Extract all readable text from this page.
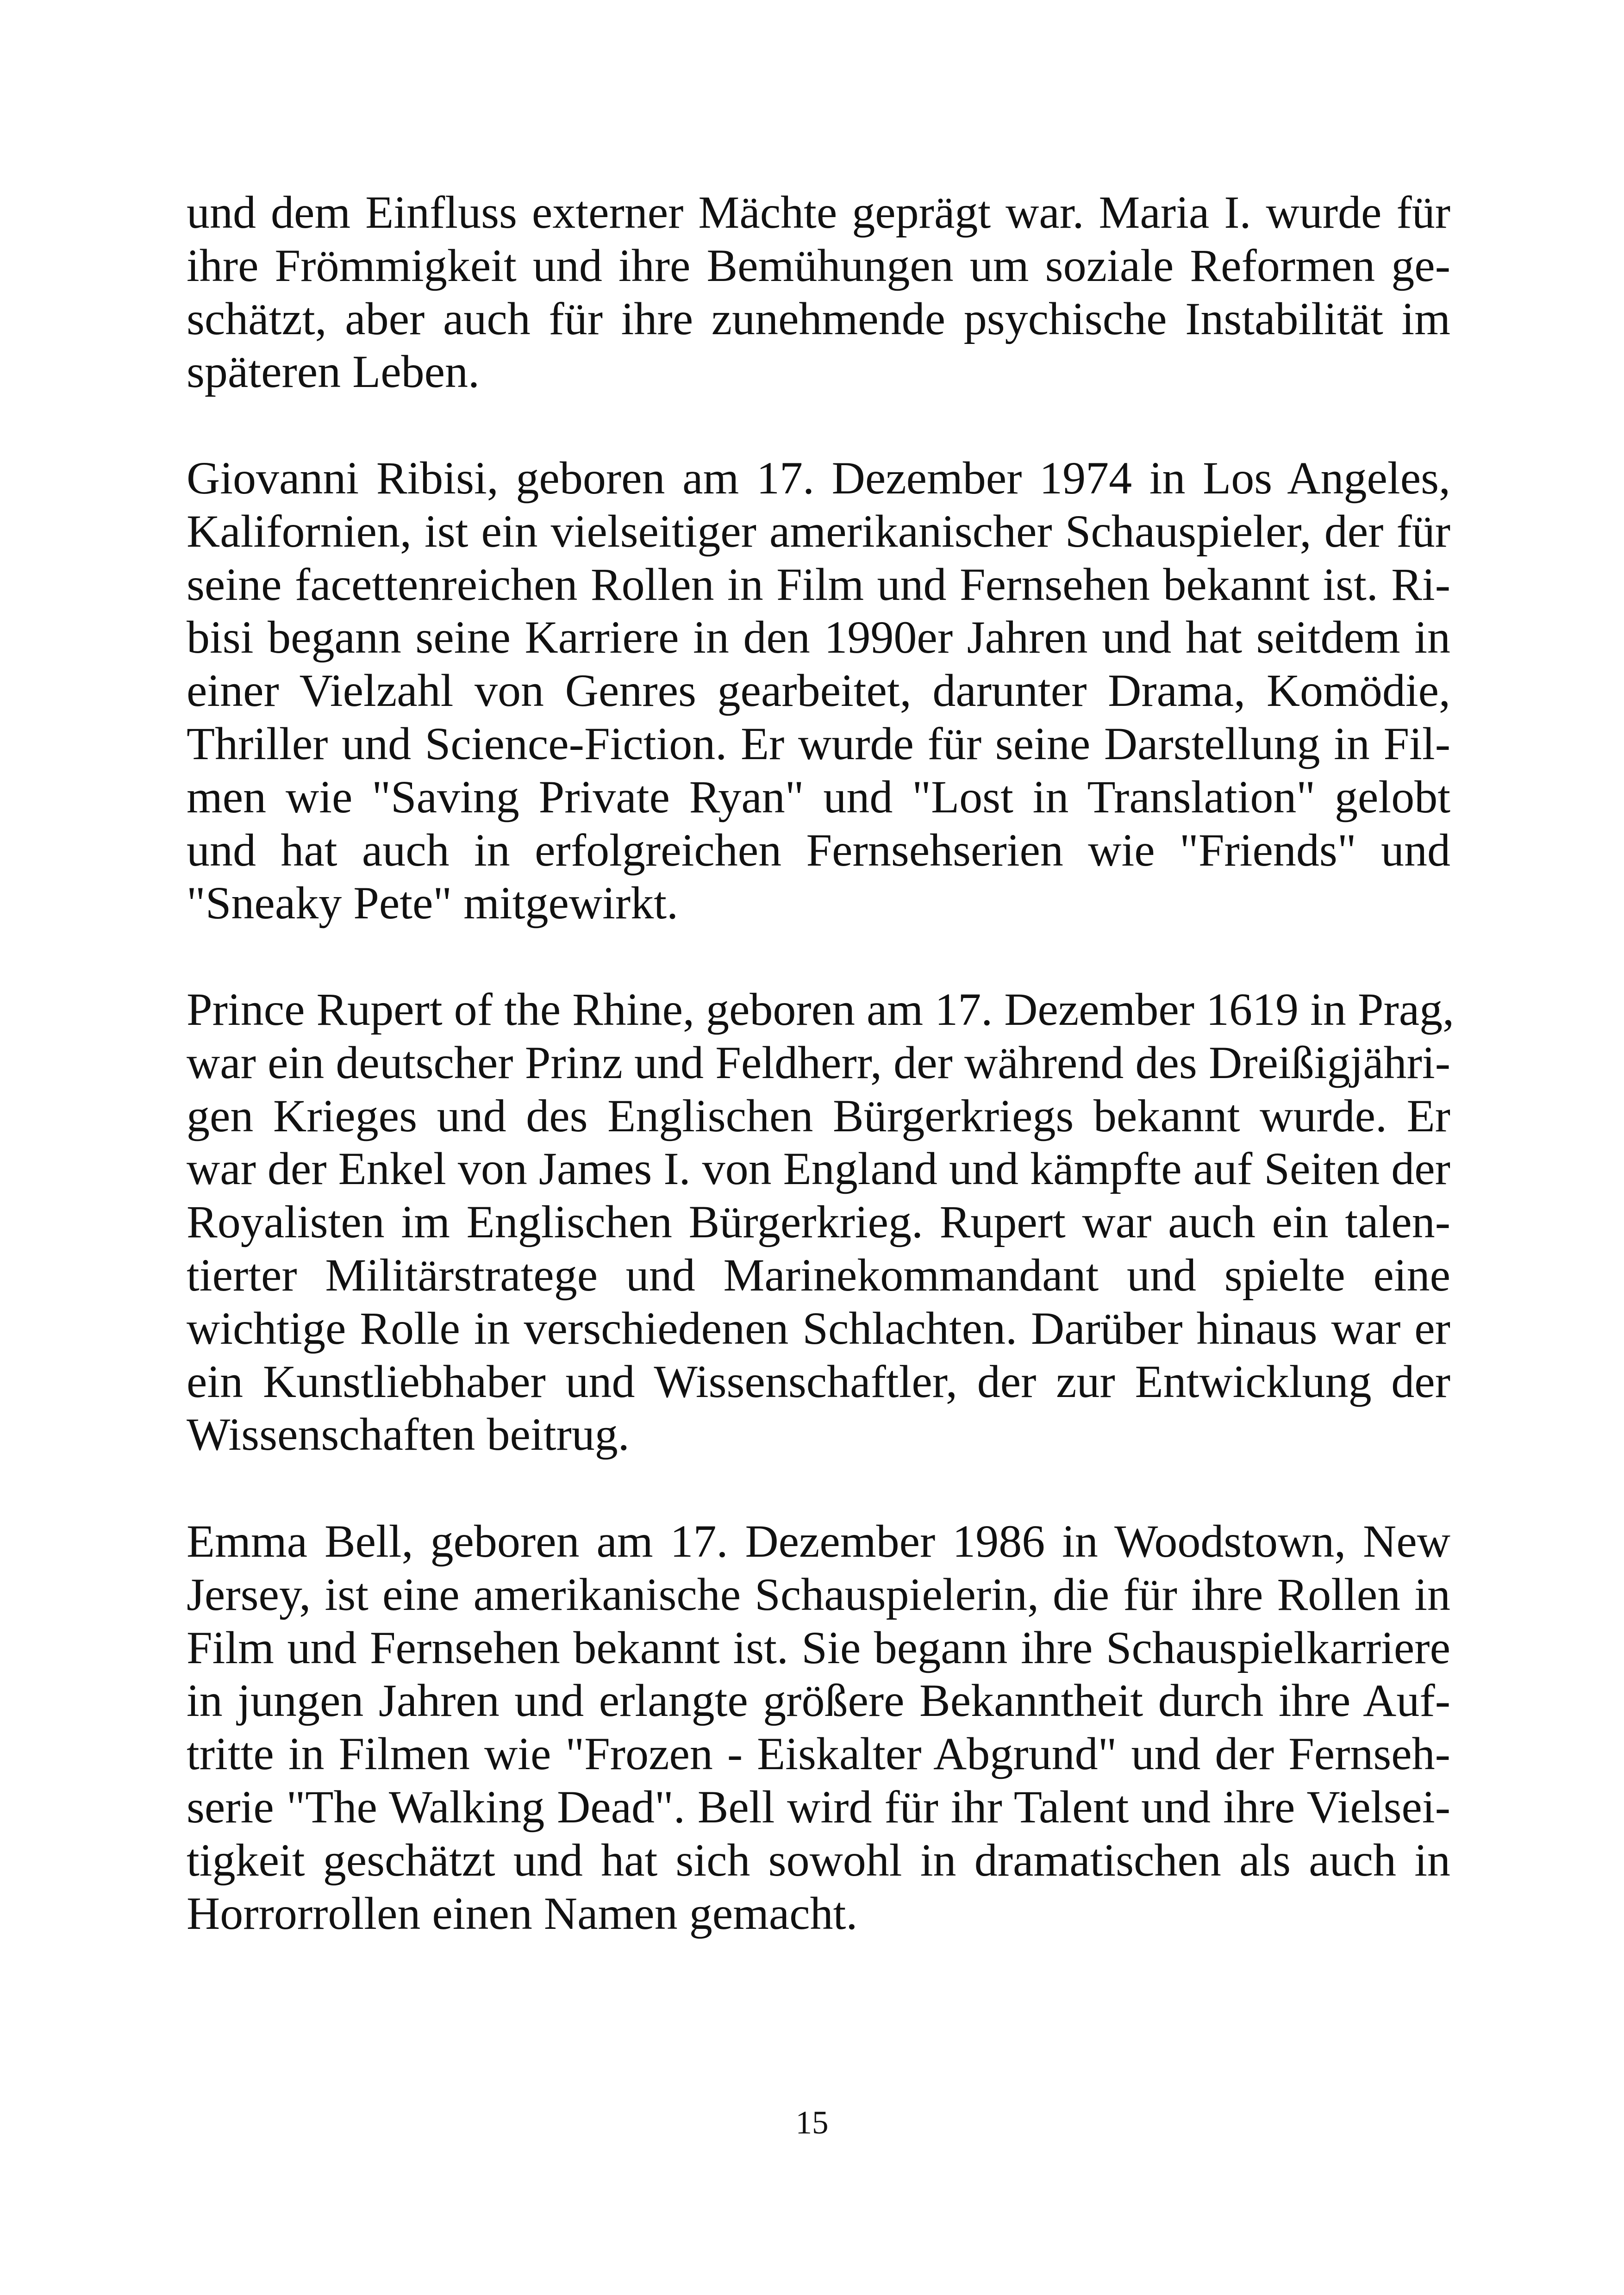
und dem Einfluss externer Mächte geprägt war. Maria I. wurde für
ihre Frömmigkeit und ihre Bemühungen um soziale Reformen ge-
schätzt, aber auch für ihre zunehmende psychische Instabilität im
späteren Leben.
Giovanni Ribisi, geboren am 17. Dezember 1974 in Los Angeles,
Kalifornien, ist ein vielseitiger amerikanischer Schauspieler, der für
seine facettenreichen Rollen in Film und Fernsehen bekannt ist. Ri-
bisi begann seine Karriere in den 1990er Jahren und hat seitdem in
einer Vielzahl von Genres gearbeitet, darunter Drama, Komödie,
Thriller und Science-Fiction. Er wurde für seine Darstellung in Fil-
men wie "Saving Private Ryan" und "Lost in Translation" gelobt
und hat auch in erfolgreichen Fernsehserien wie "Friends" und
"Sneaky Pete" mitgewirkt.
Prince Rupert of the Rhine, geboren am 17. Dezember 1619 in Prag,
war ein deutscher Prinz und Feldherr, der während des Dreißigjähri-
gen Krieges und des Englischen Bürgerkriegs bekannt wurde. Er
war der Enkel von James I. von England und kämpfte auf Seiten der
Royalisten im Englischen Bürgerkrieg. Rupert war auch ein talen-
tierter Militärstratege und Marinekommandant und spielte eine
wichtige Rolle in verschiedenen Schlachten. Darüber hinaus war er
ein Kunstliebhaber und Wissenschaftler, der zur Entwicklung der
Wissenschaften beitrug.
Emma Bell, geboren am 17. Dezember 1986 in Woodstown, New
Jersey, ist eine amerikanische Schauspielerin, die für ihre Rollen in
Film und Fernsehen bekannt ist. Sie begann ihre Schauspielkarriere
in jungen Jahren und erlangte größere Bekanntheit durch ihre Auf-
tritte in Filmen wie "Frozen - Eiskalter Abgrund" und der Fernseh-
serie "The Walking Dead". Bell wird für ihr Talent und ihre Vielsei-
tigkeit geschätzt und hat sich sowohl in dramatischen als auch in
Horrorrollen einen Namen gemacht.
15
